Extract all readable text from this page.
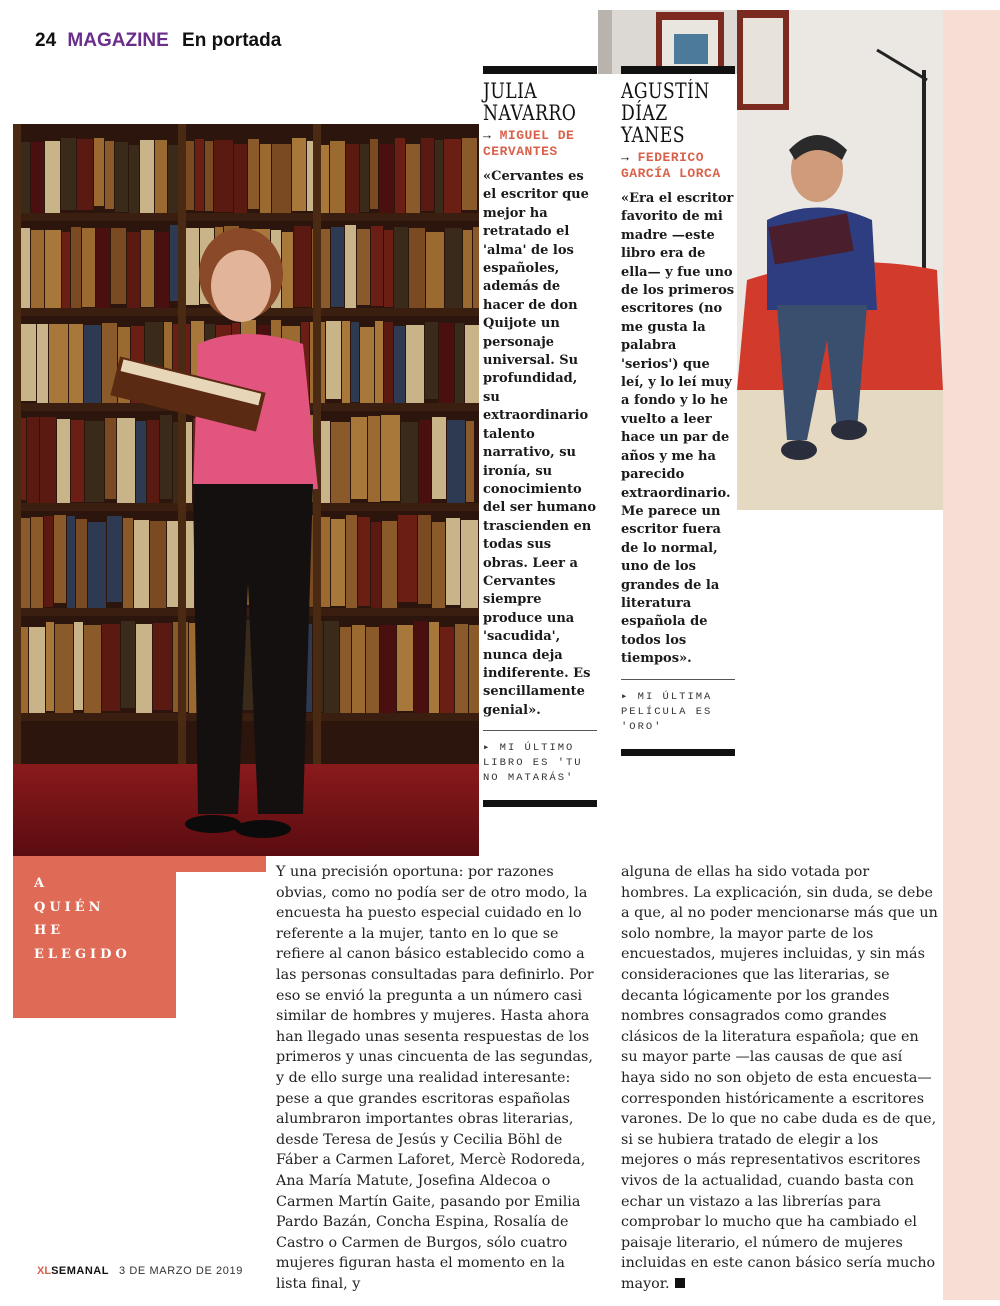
24 MAGAZINE En portada
JULIA
NAVARRO
→ MIGUEL DE
CERVANTES
«Cervantes es el escritor que mejor ha retratado el 'alma' de los españoles, además de hacer de don Quijote un personaje universal. Su profundidad, su extraordinario talento narrativo, su ironía, su conocimiento del ser humano trascienden en todas sus obras. Leer a Cervantes siempre produce una 'sacudida', nunca deja indiferente. Es sencillamente genial».
▸ MI ÚLTIMO LIBRO ES 'TU NO MATARÁS'
AGUSTÍN
DÍAZ
YANES
→ FEDERICO
GARCÍA LORCA
«Era el escritor favorito de mi madre —este libro era de ella— y fue uno de los primeros escritores (no me gusta la palabra 'serios') que leí, y lo leí muy a fondo y lo he vuelto a leer hace un par de años y me ha parecido extraordinario. Me parece un escritor fuera de lo normal, uno de los grandes de la literatura española de todos los tiempos».
▸ MI ÚLTIMA PELÍCULA ES 'ORO'
A
QUIÉN
HE
ELEGIDO
Y una precisión oportuna: por razones obvias, como no podía ser de otro modo, la encuesta ha puesto especial cuidado en lo referente a la mujer, tanto en lo que se refiere al canon básico establecido como a las personas consultadas para definirlo. Por eso se envió la pregunta a un número casi similar de hombres y mujeres. Hasta ahora han llegado unas sesenta respuestas de los primeros y unas cincuenta de las segundas, y de ello surge una realidad interesante: pese a que grandes escritoras españolas alumbraron importantes obras literarias, desde Teresa de Jesús y Cecilia Böhl de Fáber a Carmen Laforet, Mercè Rodoreda, Ana María Matute, Josefina Aldecoa o Carmen Martín Gaite, pasando por Emilia Pardo Bazán, Concha Espina, Rosalía de Castro o Carmen de Burgos, sólo cuatro mujeres figuran hasta el momento en la lista final, y
alguna de ellas ha sido votada por hombres. La explicación, sin duda, se debe a que, al no poder mencionarse más que un solo nombre, la mayor parte de los encuestados, mujeres incluidas, y sin más consideraciones que las literarias, se decanta lógicamente por los grandes nombres consagrados como grandes clásicos de la literatura española; que en su mayor parte —las causas de que así haya sido no son objeto de esta encuesta— corresponden históricamente a escritores varones. De lo que no cabe duda es de que, si se hubiera tratado de elegir a los mejores o más representativos escritores vivos de la actualidad, cuando basta con echar un vistazo a las librerías para comprobar lo mucho que ha cambiado el paisaje literario, el número de mujeres incluidas en este canon básico sería mucho mayor.
XLSEMANAL 3 DE MARZO DE 2019
